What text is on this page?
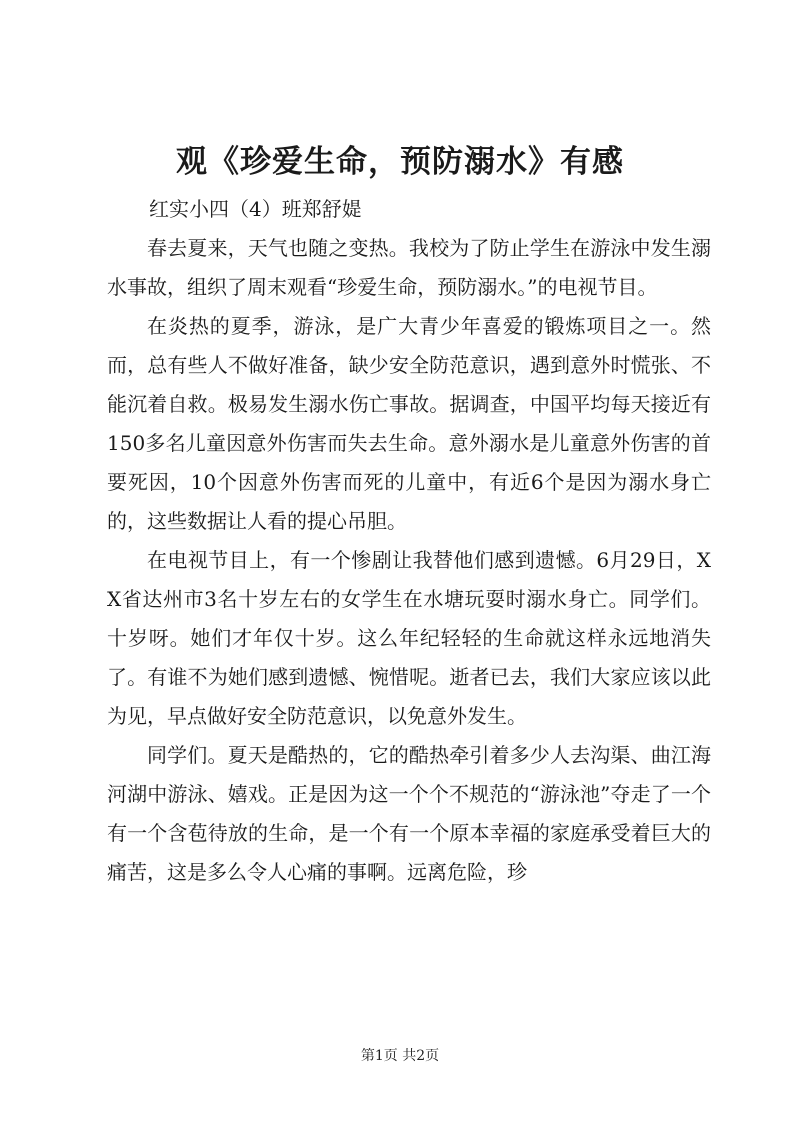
观《珍爱生命，预防溺水》有感

红实小四（4）班郑舒媞

春去夏来，天气也随之变热。我校为了防止学生在游泳中发生溺水事故，组织了周末观看“珍爱生命，预防溺水。”的电视节目。

在炎热的夏季，游泳，是广大青少年喜爱的锻炼项目之一。然而，总有些人不做好准备，缺少安全防范意识，遇到意外时慌张、不能沉着自救。极易发生溺水伤亡事故。据调查，中国平均每天接近有150多名儿童因意外伤害而失去生命。意外溺水是儿童意外伤害的首要死因，10个因意外伤害而死的儿童中，有近6个是因为溺水身亡的，这些数据让人看的提心吊胆。

在电视节目上，有一个惨剧让我替他们感到遗憾。6月29日，XX省达州市3名十岁左右的女学生在水塘玩耍时溺水身亡。同学们。十岁呀。她们才年仅十岁。这么年纪轻轻的生命就这样永远地消失了。有谁不为她们感到遗憾、惋惜呢。逝者已去，我们大家应该以此为见，早点做好安全防范意识，以免意外发生。

同学们。夏天是酷热的，它的酷热牵引着多少人去沟渠、曲江海河湖中游泳、嬉戏。正是因为这一个个不规范的“游泳池”夺走了一个有一个含苞待放的生命，是一个有一个原本幸福的家庭承受着巨大的痛苦，这是多么令人心痛的事啊。远离危险，珍

第1页 共2页
